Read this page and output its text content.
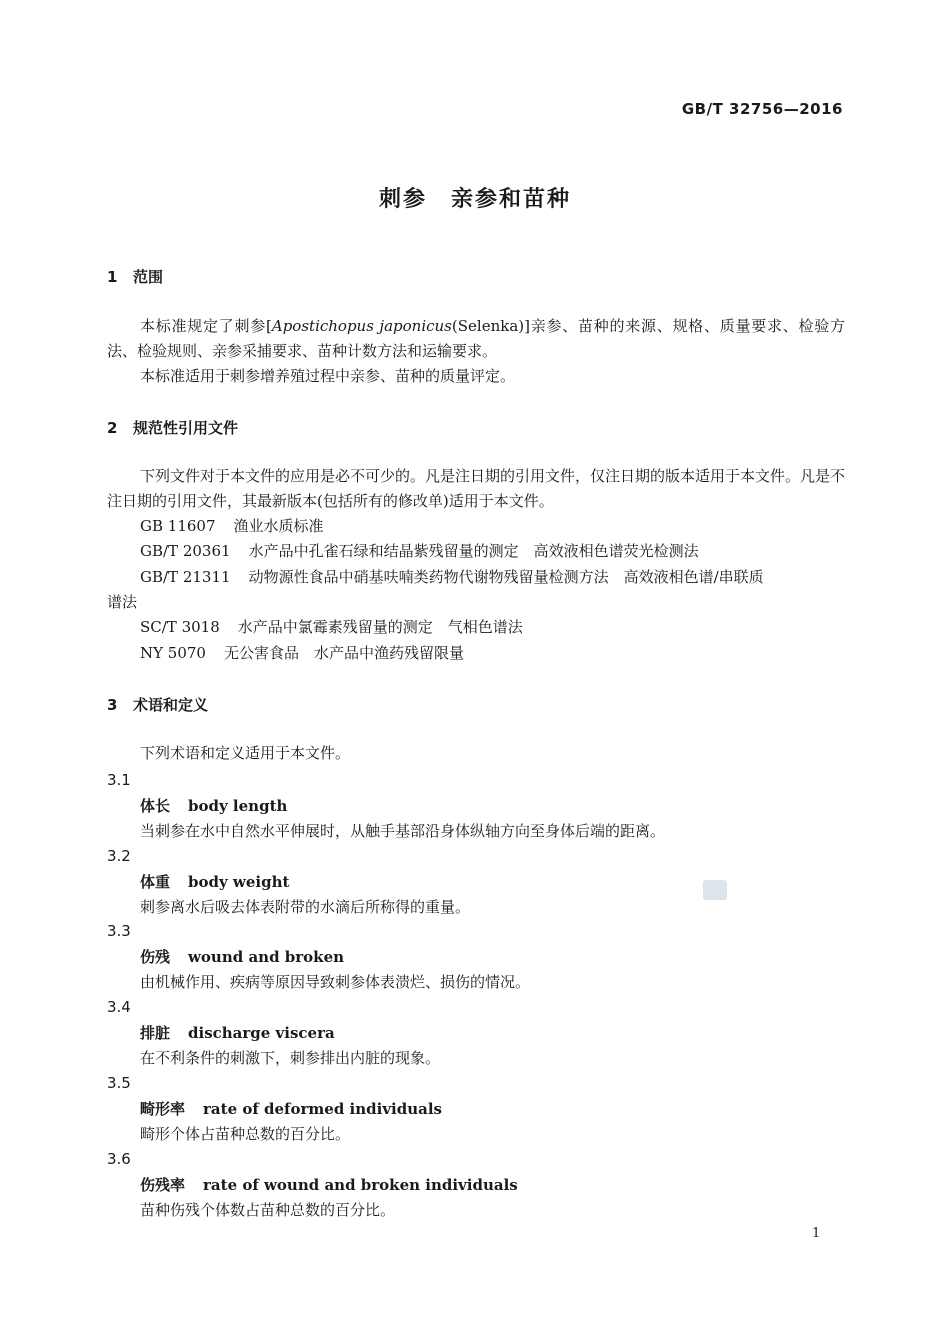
GB/T 32756—2016
刺参　亲参和苗种
1 范围
本标准规定了刺参[Apostichopus japonicus(Selenka)]亲参、苗种的来源、规格、质量要求、检验方法、检验规则、亲参采捕要求、苗种计数方法和运输要求。
本标准适用于刺参增养殖过程中亲参、苗种的质量评定。
2 规范性引用文件
下列文件对于本文件的应用是必不可少的。凡是注日期的引用文件，仅注日期的版本适用于本文件。凡是不注日期的引用文件，其最新版本(包括所有的修改单)适用于本文件。
GB 11607 渔业水质标准
GB/T 20361 水产品中孔雀石绿和结晶紫残留量的测定　高效液相色谱荧光检测法
GB/T 21311 动物源性食品中硝基呋喃类药物代谢物残留量检测方法　高效液相色谱/串联质
谱法
SC/T 3018 水产品中氯霉素残留量的测定　气相色谱法
NY 5070 无公害食品　水产品中渔药残留限量
3 术语和定义
下列术语和定义适用于本文件。
3.1
体长 body length
当刺参在水中自然水平伸展时，从触手基部沿身体纵轴方向至身体后端的距离。
3.2
体重 body weight
刺参离水后吸去体表附带的水滴后所称得的重量。
3.3
伤残 wound and broken
由机械作用、疾病等原因导致刺参体表溃烂、损伤的情况。
3.4
排脏 discharge viscera
在不利条件的刺激下，刺参排出内脏的现象。
3.5
畸形率 rate of deformed individuals
畸形个体占苗种总数的百分比。
3.6
伤残率 rate of wound and broken individuals
苗种伤残个体数占苗种总数的百分比。
1
